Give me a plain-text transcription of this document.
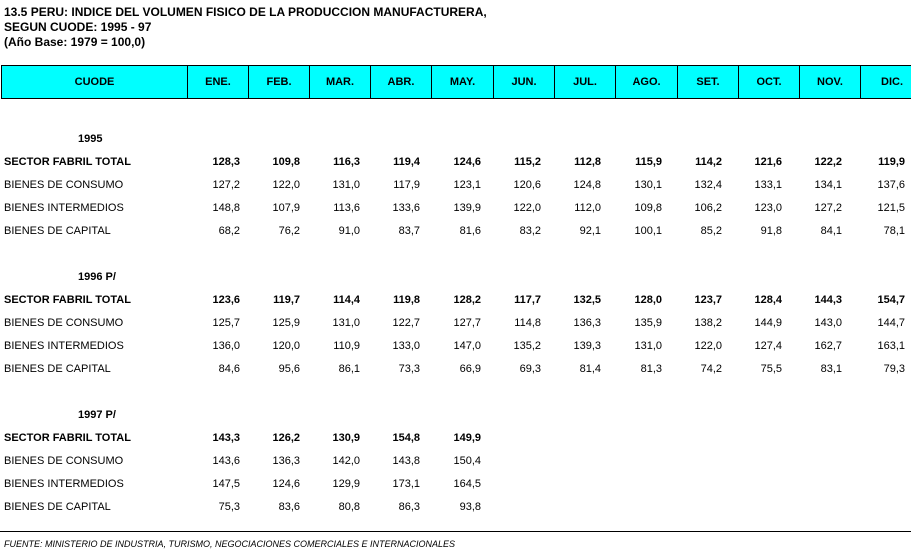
13.5 PERU: INDICE DEL VOLUMEN FISICO DE LA PRODUCCION MANUFACTURERA,
SEGUN CUODE: 1995 - 97
(Año Base: 1979 = 100,0)
CUODE	ENE.	FEB.	MAR.	ABR.	MAY.	JUN.	JUL.	AGO.	SET.	OCT.	NOV.	DIC.
1995
SECTOR FABRIL TOTAL	128,3	109,8	116,3	119,4	124,6	115,2	112,8	115,9	114,2	121,6	122,2	119,9
BIENES DE CONSUMO	127,2	122,0	131,0	117,9	123,1	120,6	124,8	130,1	132,4	133,1	134,1	137,6
BIENES INTERMEDIOS	148,8	107,9	113,6	133,6	139,9	122,0	112,0	109,8	106,2	123,0	127,2	121,5
BIENES DE CAPITAL	68,2	76,2	91,0	83,7	81,6	83,2	92,1	100,1	85,2	91,8	84,1	78,1
1996 P/
SECTOR FABRIL TOTAL	123,6	119,7	114,4	119,8	128,2	117,7	132,5	128,0	123,7	128,4	144,3	154,7
BIENES DE CONSUMO	125,7	125,9	131,0	122,7	127,7	114,8	136,3	135,9	138,2	144,9	143,0	144,7
BIENES INTERMEDIOS	136,0	120,0	110,9	133,0	147,0	135,2	139,3	131,0	122,0	127,4	162,7	163,1
BIENES DE CAPITAL	84,6	95,6	86,1	73,3	66,9	69,3	81,4	81,3	74,2	75,5	83,1	79,3
1997 P/
SECTOR FABRIL TOTAL	143,3	126,2	130,9	154,8	149,9
BIENES DE CONSUMO	143,6	136,3	142,0	143,8	150,4
BIENES INTERMEDIOS	147,5	124,6	129,9	173,1	164,5
BIENES DE CAPITAL	75,3	83,6	80,8	86,3	93,8
FUENTE: MINISTERIO DE INDUSTRIA, TURISMO, NEGOCIACIONES COMERCIALES E INTERNACIONALES
